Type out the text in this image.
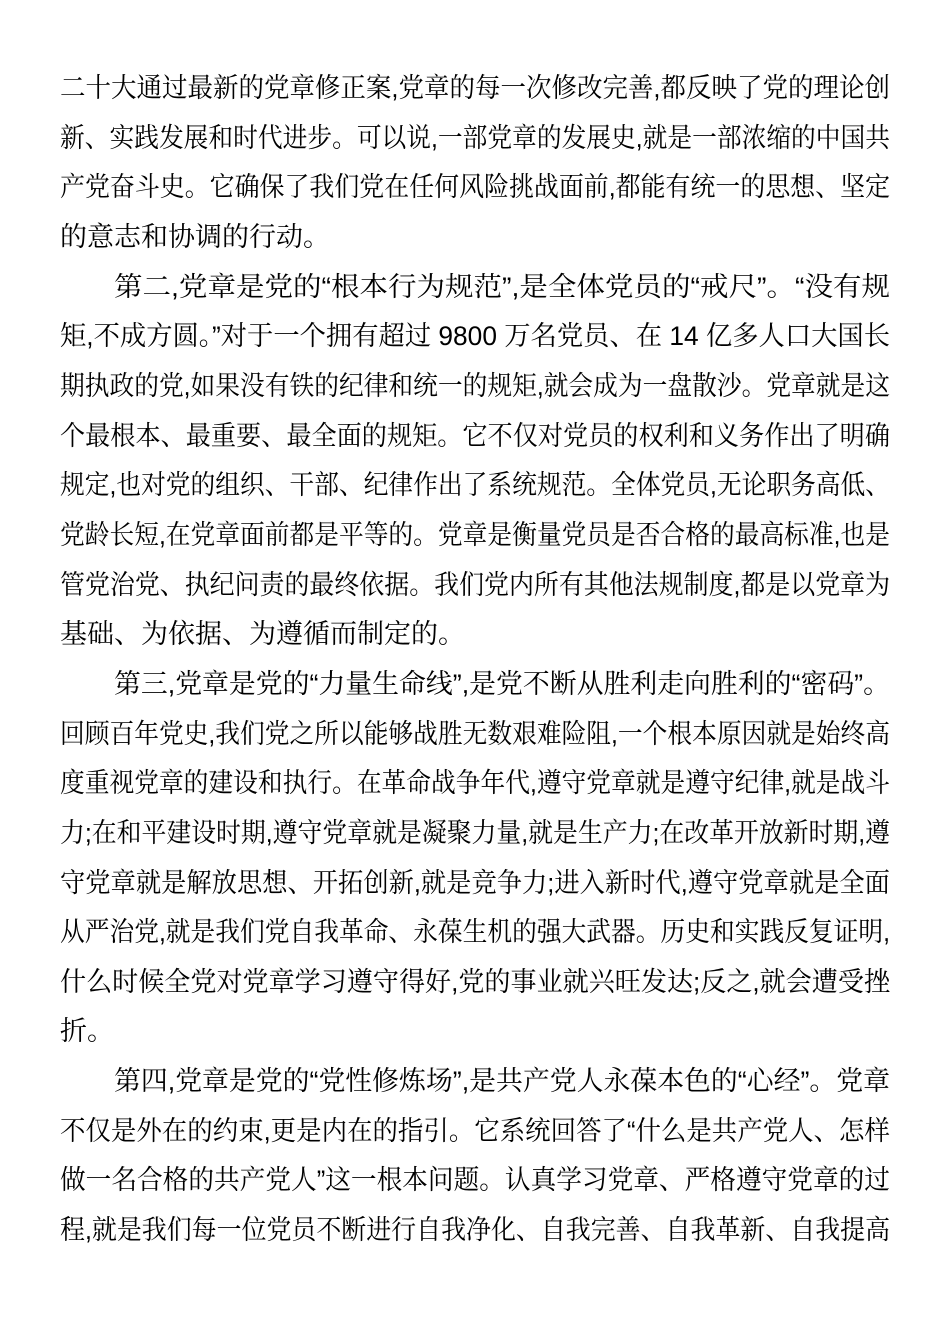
二十大通过最新的党章修正案,党章的每一次修改完善,都反映了党的理论创
新、实践发展和时代进步。可以说,一部党章的发展史,就是一部浓缩的中国共
产党奋斗史。它确保了我们党在任何风险挑战面前,都能有统一的思想、坚定
的意志和协调的行动。
第二,党章是党的“根本行为规范”,是全体党员的“戒尺”。“没有规
矩,不成方圆。”对于一个拥有超过 9800 万名党员、在 14 亿多人口大国长
期执政的党,如果没有铁的纪律和统一的规矩,就会成为一盘散沙。党章就是这
个最根本、最重要、最全面的规矩。它不仅对党员的权利和义务作出了明确
规定,也对党的组织、干部、纪律作出了系统规范。全体党员,无论职务高低、
党龄长短,在党章面前都是平等的。党章是衡量党员是否合格的最高标准,也是
管党治党、执纪问责的最终依据。我们党内所有其他法规制度,都是以党章为
基础、为依据、为遵循而制定的。
第三,党章是党的“力量生命线”,是党不断从胜利走向胜利的“密码”。
回顾百年党史,我们党之所以能够战胜无数艰难险阻,一个根本原因就是始终高
度重视党章的建设和执行。在革命战争年代,遵守党章就是遵守纪律,就是战斗
力;在和平建设时期,遵守党章就是凝聚力量,就是生产力;在改革开放新时期,遵
守党章就是解放思想、开拓创新,就是竞争力;进入新时代,遵守党章就是全面
从严治党,就是我们党自我革命、永葆生机的强大武器。历史和实践反复证明,
什么时候全党对党章学习遵守得好,党的事业就兴旺发达;反之,就会遭受挫
折。
第四,党章是党的“党性修炼场”,是共产党人永葆本色的“心经”。党章
不仅是外在的约束,更是内在的指引。它系统回答了“什么是共产党人、怎样
做一名合格的共产党人”这一根本问题。认真学习党章、严格遵守党章的过
程,就是我们每一位党员不断进行自我净化、自我完善、自我革新、自我提高
